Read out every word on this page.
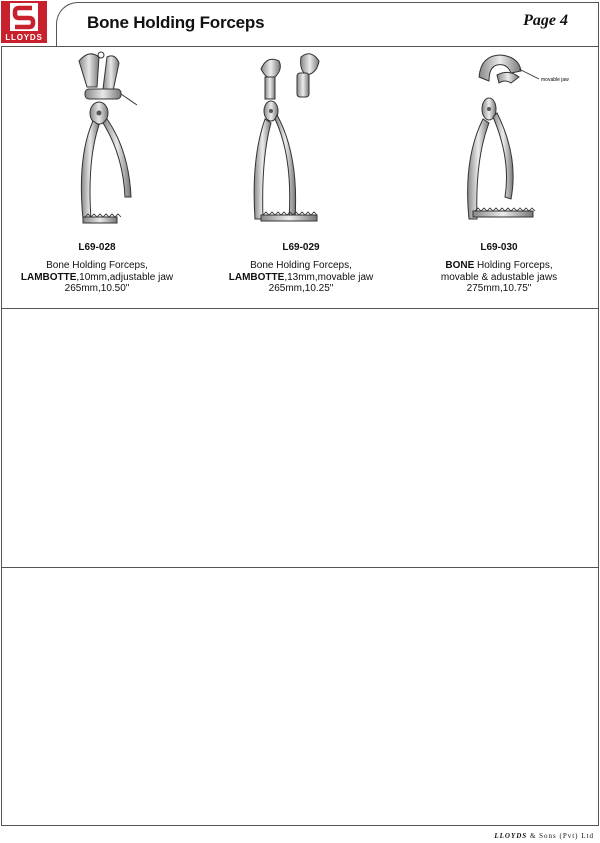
LLOYDS
Bone Holding Forceps	Page 4
L69-028
Bone Holding Forceps,
LAMBOTTE,10mm,adjustable jaw
265mm,10.50"
L69-029
Bone Holding Forceps,
LAMBOTTE,13mm,movable jaw
265mm,10.25"
movable jaw
L69-030
BONE Holding Forceps,
movable & adustable jaws
275mm,10.75"
LLOYDS & Sons (Pvt) Ltd
